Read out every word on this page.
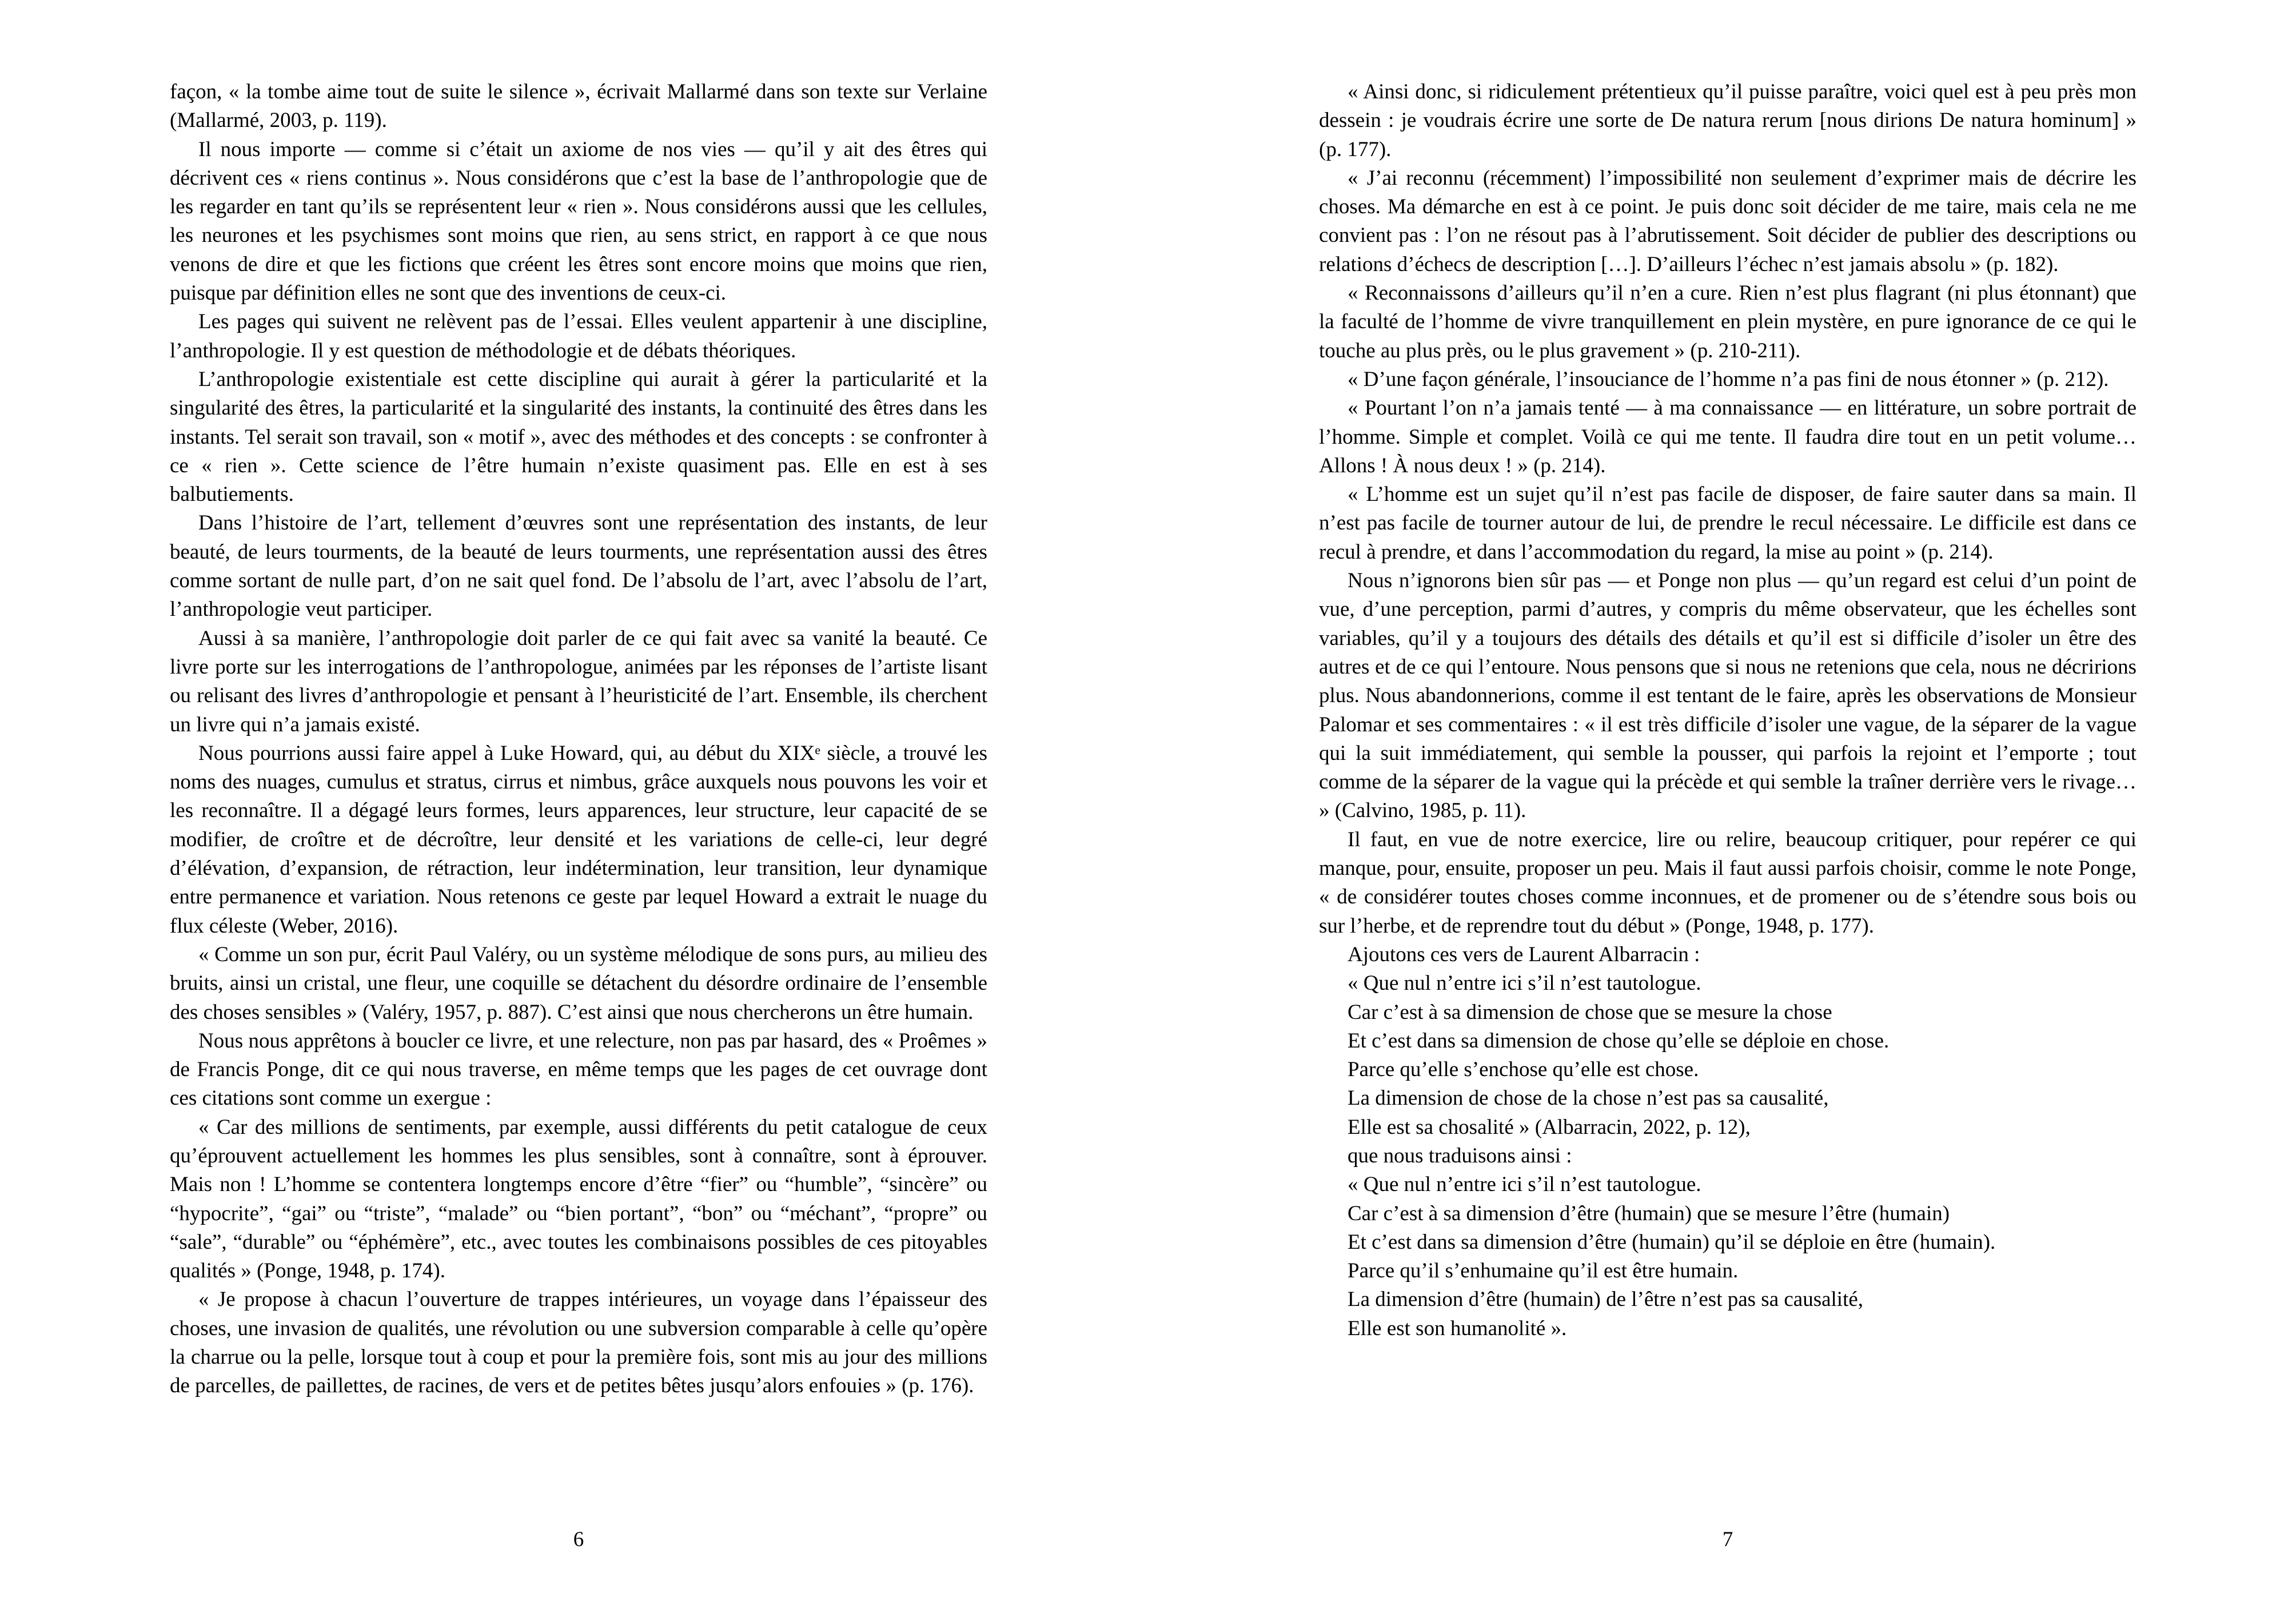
façon, « la tombe aime tout de suite le silence », écrivait Mallarmé dans son texte sur Verlaine (Mallarmé, 2003, p. 119).

Il nous importe — comme si c’était un axiome de nos vies — qu’il y ait des êtres qui décrivent ces « riens continus ». Nous considérons que c’est la base de l’anthropologie que de les regarder en tant qu’ils se représentent leur « rien ». Nous considérons aussi que les cellules, les neurones et les psychismes sont moins que rien, au sens strict, en rapport à ce que nous venons de dire et que les fictions que créent les êtres sont encore moins que moins que rien, puisque par définition elles ne sont que des inventions de ceux-ci.

Les pages qui suivent ne relèvent pas de l’essai. Elles veulent appartenir à une discipline, l’anthropologie. Il y est question de méthodologie et de débats théoriques.

L’anthropologie existentiale est cette discipline qui aurait à gérer la particularité et la singularité des êtres, la particularité et la singularité des instants, la continuité des êtres dans les instants. Tel serait son travail, son « motif », avec des méthodes et des concepts : se confronter à ce « rien ». Cette science de l’être humain n’existe quasiment pas. Elle en est à ses balbutiements.

Dans l’histoire de l’art, tellement d’œuvres sont une représentation des instants, de leur beauté, de leurs tourments, de la beauté de leurs tourments, une représentation aussi des êtres comme sortant de nulle part, d’on ne sait quel fond. De l’absolu de l’art, avec l’absolu de l’art, l’anthropologie veut participer.

Aussi à sa manière, l’anthropologie doit parler de ce qui fait avec sa vanité la beauté. Ce livre porte sur les interrogations de l’anthropologue, animées par les réponses de l’artiste lisant ou relisant des livres d’anthropologie et pensant à l’heuristicité de l’art. Ensemble, ils cherchent un livre qui n’a jamais existé.

Nous pourrions aussi faire appel à Luke Howard, qui, au début du XIXᵉ siècle, a trouvé les noms des nuages, cumulus et stratus, cirrus et nimbus, grâce auxquels nous pouvons les voir et les reconnaître. Il a dégagé leurs formes, leurs apparences, leur structure, leur capacité de se modifier, de croître et de décroître, leur densité et les variations de celle-ci, leur degré d’élévation, d’expansion, de rétraction, leur indétermination, leur transition, leur dynamique entre permanence et variation. Nous retenons ce geste par lequel Howard a extrait le nuage du flux céleste (Weber, 2016).

« Comme un son pur, écrit Paul Valéry, ou un système mélodique de sons purs, au milieu des bruits, ainsi un cristal, une fleur, une coquille se détachent du désordre ordinaire de l’ensemble des choses sensibles » (Valéry, 1957, p. 887). C’est ainsi que nous chercherons un être humain.

Nous nous apprêtons à boucler ce livre, et une relecture, non pas par hasard, des « Proêmes » de Francis Ponge, dit ce qui nous traverse, en même temps que les pages de cet ouvrage dont ces citations sont comme un exergue :

« Car des millions de sentiments, par exemple, aussi différents du petit catalogue de ceux qu’éprouvent actuellement les hommes les plus sensibles, sont à connaître, sont à éprouver. Mais non ! L’homme se contentera longtemps encore d’être “fier” ou “humble”, “sincère” ou “hypocrite”, “gai” ou “triste”, “malade” ou “bien portant”, “bon” ou “méchant”, “propre” ou “sale”, “durable” ou “éphémère”, etc., avec toutes les combinaisons possibles de ces pitoyables qualités » (Ponge, 1948, p. 174).

« Je propose à chacun l’ouverture de trappes intérieures, un voyage dans l’épaisseur des choses, une invasion de qualités, une révolution ou une subversion comparable à celle qu’opère la charrue ou la pelle, lorsque tout à coup et pour la première fois, sont mis au jour des millions de parcelles, de paillettes, de racines, de vers et de petites bêtes jusqu’alors enfouies » (p. 176).

6

« Ainsi donc, si ridiculement prétentieux qu’il puisse paraître, voici quel est à peu près mon dessein : je voudrais écrire une sorte de De natura rerum [nous dirions De natura hominum] » (p. 177).

« J’ai reconnu (récemment) l’impossibilité non seulement d’exprimer mais de décrire les choses. Ma démarche en est à ce point. Je puis donc soit décider de me taire, mais cela ne me convient pas : l’on ne résout pas à l’abrutissement. Soit décider de publier des descriptions ou relations d’échecs de description […]. D’ailleurs l’échec n’est jamais absolu » (p. 182).

« Reconnaissons d’ailleurs qu’il n’en a cure. Rien n’est plus flagrant (ni plus étonnant) que la faculté de l’homme de vivre tranquillement en plein mystère, en pure ignorance de ce qui le touche au plus près, ou le plus gravement » (p. 210-211).

« D’une façon générale, l’insouciance de l’homme n’a pas fini de nous étonner » (p. 212).

« Pourtant l’on n’a jamais tenté — à ma connaissance — en littérature, un sobre portrait de l’homme. Simple et complet. Voilà ce qui me tente. Il faudra dire tout en un petit volume… Allons ! À nous deux ! » (p. 214).

« L’homme est un sujet qu’il n’est pas facile de disposer, de faire sauter dans sa main. Il n’est pas facile de tourner autour de lui, de prendre le recul nécessaire. Le difficile est dans ce recul à prendre, et dans l’accommodation du regard, la mise au point » (p. 214).

Nous n’ignorons bien sûr pas — et Ponge non plus — qu’un regard est celui d’un point de vue, d’une perception, parmi d’autres, y compris du même observateur, que les échelles sont variables, qu’il y a toujours des détails des détails et qu’il est si difficile d’isoler un être des autres et de ce qui l’entoure. Nous pensons que si nous ne retenions que cela, nous ne décririons plus. Nous abandonnerions, comme il est tentant de le faire, après les observations de Monsieur Palomar et ses commentaires : « il est très difficile d’isoler une vague, de la séparer de la vague qui la suit immédiatement, qui semble la pousser, qui parfois la rejoint et l’emporte ; tout comme de la séparer de la vague qui la précède et qui semble la traîner derrière vers le rivage… » (Calvino, 1985, p. 11).

Il faut, en vue de notre exercice, lire ou relire, beaucoup critiquer, pour repérer ce qui manque, pour, ensuite, proposer un peu. Mais il faut aussi parfois choisir, comme le note Ponge, « de considérer toutes choses comme inconnues, et de promener ou de s’étendre sous bois ou sur l’herbe, et de reprendre tout du début » (Ponge, 1948, p. 177).

Ajoutons ces vers de Laurent Albarracin :

« Que nul n’entre ici s’il n’est tautologue.

Car c’est à sa dimension de chose que se mesure la chose

Et c’est dans sa dimension de chose qu’elle se déploie en chose.

Parce qu’elle s’enchose qu’elle est chose.

La dimension de chose de la chose n’est pas sa causalité,

Elle est sa chosalité » (Albarracin, 2022, p. 12),

que nous traduisons ainsi :

« Que nul n’entre ici s’il n’est tautologue.

Car c’est à sa dimension d’être (humain) que se mesure l’être (humain)

Et c’est dans sa dimension d’être (humain) qu’il se déploie en être (humain).

Parce qu’il s’enhumaine qu’il est être humain.

La dimension d’être (humain) de l’être n’est pas sa causalité,

Elle est son humanolité ».

7
